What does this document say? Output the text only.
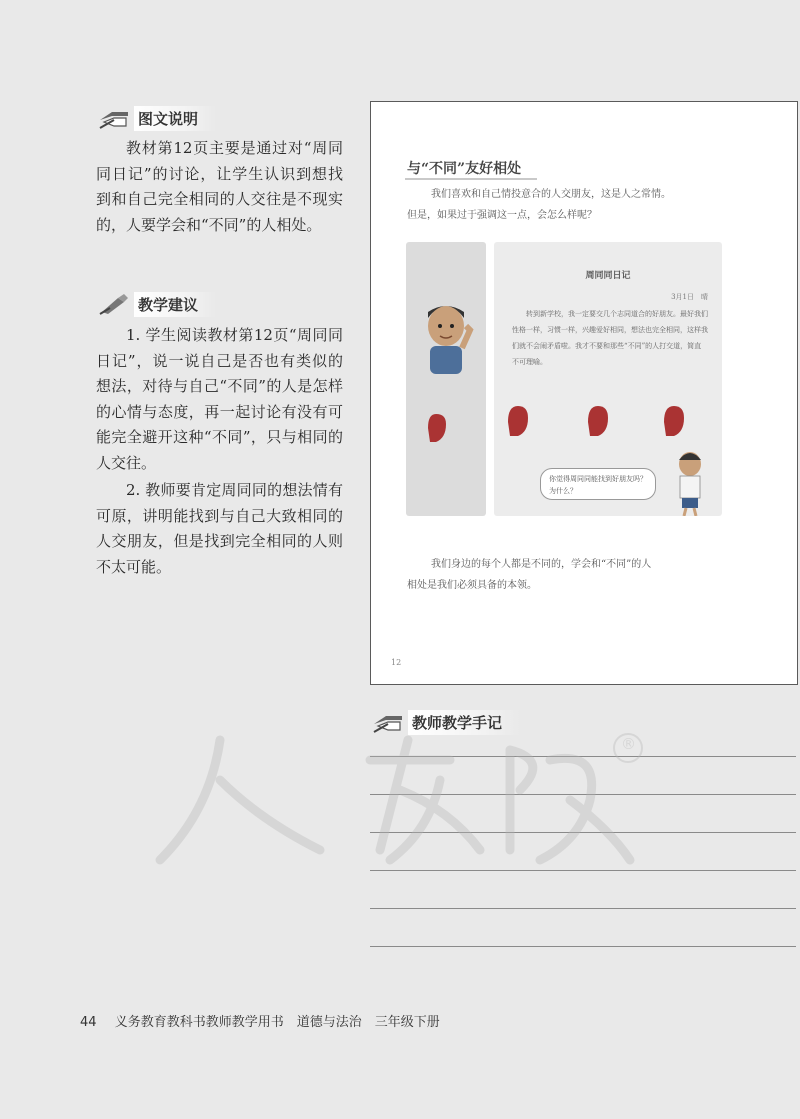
图文说明

教材第12页主要是通过对“周同同日记”的讨论，让学生认识到想找到和自己完全相同的人交往是不现实的，人要学会和“不同”的人相处。

教学建议

1. 学生阅读教材第12页“周同同日记”，说一说自己是否也有类似的想法，对待与自己“不同”的人是怎样的心情与态度，再一起讨论有没有可能完全避开这种“不同”，只与相同的人交往。

2. 教师要肯定周同同的想法情有可原，讲明能找到与自己大致相同的人交朋友，但是找到完全相同的人则不太可能。

与“不同”友好相处
我们喜欢和自己情投意合的人交朋友，这是人之常情。
但是，如果过于强调这一点，会怎么样呢？
周同同日记
3月1日　晴

转到新学校，我一定要交几个志同道合的好朋友。最好我们性格一样，习惯一样，兴趣爱好相同，想法也完全相同，这样我们就不会闹矛盾啦。我才不要和那些“不同”的人打交道，简直不可理喻。

你觉得周同同能找到好朋友吗？为什么？
我们身边的每个人都是不同的，学会和“不同”的人
相处是我们必须具备的本领。
12
教师教学手记
®
44 义务教育教科书教师教学用书　道德与法治　三年级下册
